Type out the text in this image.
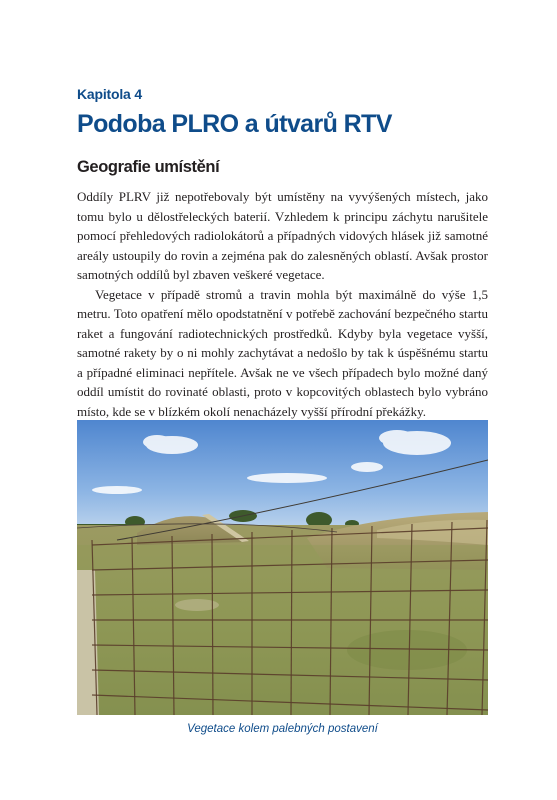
Kapitola 4
Podoba PLRO a útvarů RTV
Geografie umístění

Oddíly PLRV již nepotřebovaly být umístěny na vyvýšených místech, jako tomu bylo u dělostřeleckých baterií. Vzhledem k principu záchytu narušitele pomocí přehledových radiolokátorů a případných vidových hlásek již samotné areály ustoupily do rovin a zejména pak do zalesněných oblastí. Avšak prostor samotných oddílů byl zbaven veškeré vegetace.

Vegetace v případě stromů a travin mohla být maximálně do výše 1,5 metru. Toto opatření mělo opodstatnění v potřebě zachování bezpečného startu raket a fungování radiotechnických prostředků. Kdyby byla vegetace vyšší, samotné rakety by o ni mohly zachytávat a nedošlo by tak k úspěšnému startu a případné eliminaci nepřítele. Avšak ne ve všech případech bylo možné daný oddíl umístit do rovinaté oblasti, proto v kopcovitých oblastech bylo vybráno místo, kde se v blízkém okolí nenacházely vyšší přírodní překážky.

Vegetace kolem palebných postavení
